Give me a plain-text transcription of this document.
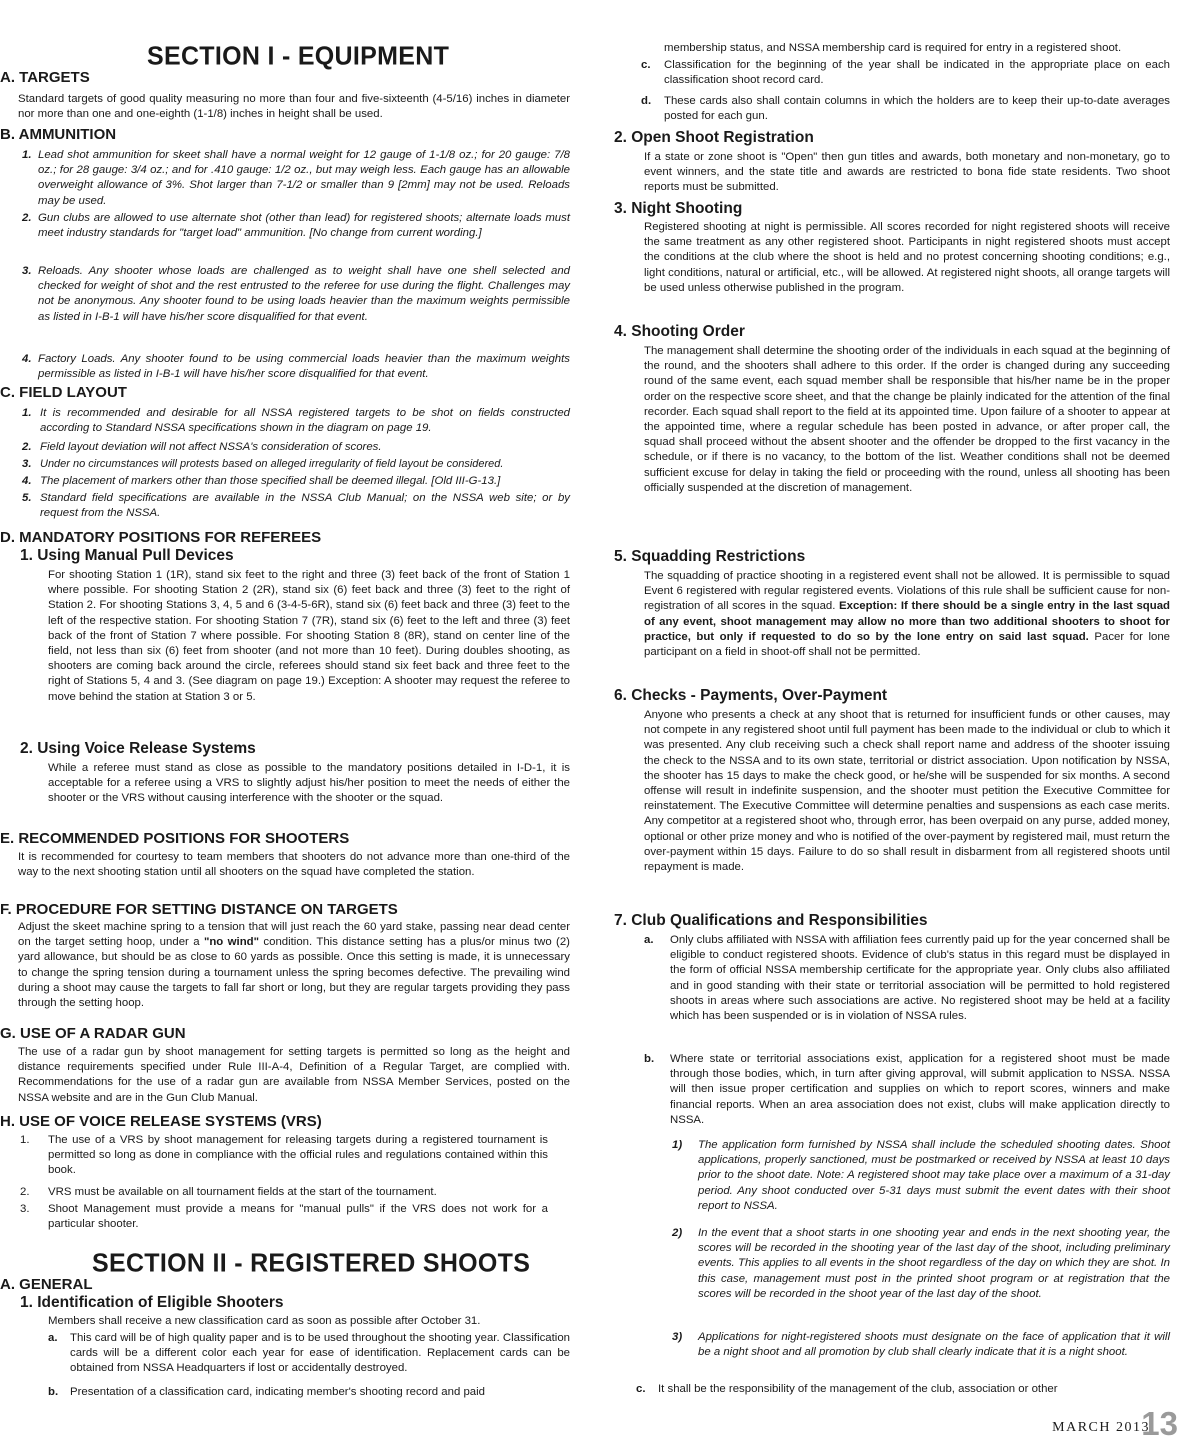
SECTION I - EQUIPMENT
A. TARGETS
Standard targets of good quality measuring no more than four and five-sixteenth (4-5/16) inches in diameter nor more than one and one-eighth (1-1/8) inches in height shall be used.
B. AMMUNITION
1. Lead shot ammunition for skeet shall have a normal weight for 12 gauge of 1-1/8 oz.; for 20 gauge: 7/8 oz.; for 28 gauge: 3/4 oz.; and for .410 gauge: 1/2 oz., but may weigh less. Each gauge has an allowable overweight allowance of 3%. Shot larger than 7-1/2 or smaller than 9 [2mm] may not be used. Reloads may be used.
2. Gun clubs are allowed to use alternate shot (other than lead) for registered shoots; alternate loads must meet industry standards for "target load" ammunition. [No change from current wording.]
3. Reloads. Any shooter whose loads are challenged as to weight shall have one shell selected and checked for weight of shot and the rest entrusted to the referee for use during the flight. Challenges may not be anonymous. Any shooter found to be using loads heavier than the maximum weights permissible as listed in I-B-1 will have his/her score disqualified for that event.
4. Factory Loads. Any shooter found to be using commercial loads heavier than the maximum weights permissible as listed in I-B-1 will have his/her score disqualified for that event.
C. FIELD LAYOUT
1. It is recommended and desirable for all NSSA registered targets to be shot on fields constructed according to Standard NSSA specifications shown in the diagram on page 19.
2. Field layout deviation will not affect NSSA's consideration of scores.
3. Under no circumstances will protests based on alleged irregularity of field layout be considered.
4. The placement of markers other than those specified shall be deemed illegal. [Old III-G-13.]
5. Standard field specifications are available in the NSSA Club Manual; on the NSSA web site; or by request from the NSSA.
D. MANDATORY POSITIONS FOR REFEREES
1. Using Manual Pull Devices
For shooting Station 1 (1R), stand six feet to the right and three (3) feet back of the front of Station 1 where possible. For shooting Station 2 (2R), stand six (6) feet back and three (3) feet to the right of Station 2. For shooting Stations 3, 4, 5 and 6 (3-4-5-6R), stand six (6) feet back and three (3) feet to the left of the respective station. For shooting Station 7 (7R), stand six (6) feet to the left and three (3) feet back of the front of Station 7 where possible. For shooting Station 8 (8R), stand on center line of the field, not less than six (6) feet from shooter (and not more than 10 feet). During doubles shooting, as shooters are coming back around the circle, referees should stand six feet back and three feet to the right of Stations 5, 4 and 3. (See diagram on page 19.) Exception: A shooter may request the referee to move behind the station at Station 3 or 5.
2. Using Voice Release Systems
While a referee must stand as close as possible to the mandatory positions detailed in I-D-1, it is acceptable for a referee using a VRS to slightly adjust his/her position to meet the needs of either the shooter or the VRS without causing interference with the shooter or the squad.
E. RECOMMENDED POSITIONS FOR SHOOTERS
It is recommended for courtesy to team members that shooters do not advance more than one-third of the way to the next shooting station until all shooters on the squad have completed the station.
F. PROCEDURE FOR SETTING DISTANCE ON TARGETS
Adjust the skeet machine spring to a tension that will just reach the 60 yard stake, passing near dead center on the target setting hoop, under a "no wind" condition. This distance setting has a plus/or minus two (2) yard allowance, but should be as close to 60 yards as possible. Once this setting is made, it is unnecessary to change the spring tension during a tournament unless the spring becomes defective. The prevailing wind during a shoot may cause the targets to fall far short or long, but they are regular targets providing they pass through the setting hoop.
G. USE OF A RADAR GUN
The use of a radar gun by shoot management for setting targets is permitted so long as the height and distance requirements specified under Rule III-A-4, Definition of a Regular Target, are complied with. Recommendations for the use of a radar gun are available from NSSA Member Services, posted on the NSSA website and are in the Gun Club Manual.
H. USE OF VOICE RELEASE SYSTEMS (VRS)
1. The use of a VRS by shoot management for releasing targets during a registered tournament is permitted so long as done in compliance with the official rules and regulations contained within this book.
2. VRS must be available on all tournament fields at the start of the tournament.
3. Shoot Management must provide a means for "manual pulls" if the VRS does not work for a particular shooter.
SECTION II - REGISTERED SHOOTS
A. GENERAL
1. Identification of Eligible Shooters
Members shall receive a new classification card as soon as possible after October 31.
a. This card will be of high quality paper and is to be used throughout the shooting year. Classification cards will be a different color each year for ease of identification. Replacement cards can be obtained from NSSA Headquarters if lost or accidentally destroyed.
b. Presentation of a classification card, indicating member's shooting record and paid
membership status, and NSSA membership card is required for entry in a registered shoot.
c. Classification for the beginning of the year shall be indicated in the appropriate place on each classification shoot record card.
d. These cards also shall contain columns in which the holders are to keep their up-to-date averages posted for each gun.
2. Open Shoot Registration
If a state or zone shoot is "Open" then gun titles and awards, both monetary and non-monetary, go to event winners, and the state title and awards are restricted to bona fide state residents. Two shoot reports must be submitted.
3. Night Shooting
Registered shooting at night is permissible. All scores recorded for night registered shoots will receive the same treatment as any other registered shoot. Participants in night registered shoots must accept the conditions at the club where the shoot is held and no protest concerning shooting conditions; e.g., light conditions, natural or artificial, etc., will be allowed. At registered night shoots, all orange targets will be used unless otherwise published in the program.
4. Shooting Order
The management shall determine the shooting order of the individuals in each squad at the beginning of the round, and the shooters shall adhere to this order. If the order is changed during any succeeding round of the same event, each squad member shall be responsible that his/her name be in the proper order on the respective score sheet, and that the change be plainly indicated for the attention of the final recorder. Each squad shall report to the field at its appointed time. Upon failure of a shooter to appear at the appointed time, where a regular schedule has been posted in advance, or after proper call, the squad shall proceed without the absent shooter and the offender be dropped to the first vacancy in the schedule, or if there is no vacancy, to the bottom of the list. Weather conditions shall not be deemed sufficient excuse for delay in taking the field or proceeding with the round, unless all shooting has been officially suspended at the discretion of management.
5. Squadding Restrictions
The squadding of practice shooting in a registered event shall not be allowed. It is permissible to squad Event 6 registered with regular registered events. Violations of this rule shall be sufficient cause for non-registration of all scores in the squad. Exception: If there should be a single entry in the last squad of any event, shoot management may allow no more than two additional shooters to shoot for practice, but only if requested to do so by the lone entry on said last squad. Pacer for lone participant on a field in shoot-off shall not be permitted.
6. Checks - Payments, Over-Payment
Anyone who presents a check at any shoot that is returned for insufficient funds or other causes, may not compete in any registered shoot until full payment has been made to the individual or club to which it was presented. Any club receiving such a check shall report name and address of the shooter issuing the check to the NSSA and to its own state, territorial or district association. Upon notification by NSSA, the shooter has 15 days to make the check good, or he/she will be suspended for six months. A second offense will result in indefinite suspension, and the shooter must petition the Executive Committee for reinstatement. The Executive Committee will determine penalties and suspensions as each case merits. Any competitor at a registered shoot who, through error, has been overpaid on any purse, added money, optional or other prize money and who is notified of the over-payment by registered mail, must return the over-payment within 15 days. Failure to do so shall result in disbarment from all registered shoots until repayment is made.
7. Club Qualifications and Responsibilities
a. Only clubs affiliated with NSSA with affiliation fees currently paid up for the year concerned shall be eligible to conduct registered shoots. Evidence of club's status in this regard must be displayed in the form of official NSSA membership certificate for the appropriate year. Only clubs also affiliated and in good standing with their state or territorial association will be permitted to hold registered shoots in areas where such associations are active. No registered shoot may be held at a facility which has been suspended or is in violation of NSSA rules.
b. Where state or territorial associations exist, application for a registered shoot must be made through those bodies, which, in turn after giving approval, will submit application to NSSA. NSSA will then issue proper certification and supplies on which to report scores, winners and make financial reports. When an area association does not exist, clubs will make application directly to NSSA.
1) The application form furnished by NSSA shall include the scheduled shooting dates. Shoot applications, properly sanctioned, must be postmarked or received by NSSA at least 10 days prior to the shoot date. Note: A registered shoot may take place over a maximum of a 31-day period. Any shoot conducted over 5-31 days must submit the event dates with their shoot report to NSSA.
2) In the event that a shoot starts in one shooting year and ends in the next shooting year, the scores will be recorded in the shooting year of the last day of the shoot, including preliminary events. This applies to all events in the shoot regardless of the day on which they are shot. In this case, management must post in the printed shoot program or at registration that the scores will be recorded in the shoot year of the last day of the shoot.
3) Applications for night-registered shoots must designate on the face of application that it will be a night shoot and all promotion by club shall clearly indicate that it is a night shoot.
c. It shall be the responsibility of the management of the club, association or other
MARCH 2013
13
